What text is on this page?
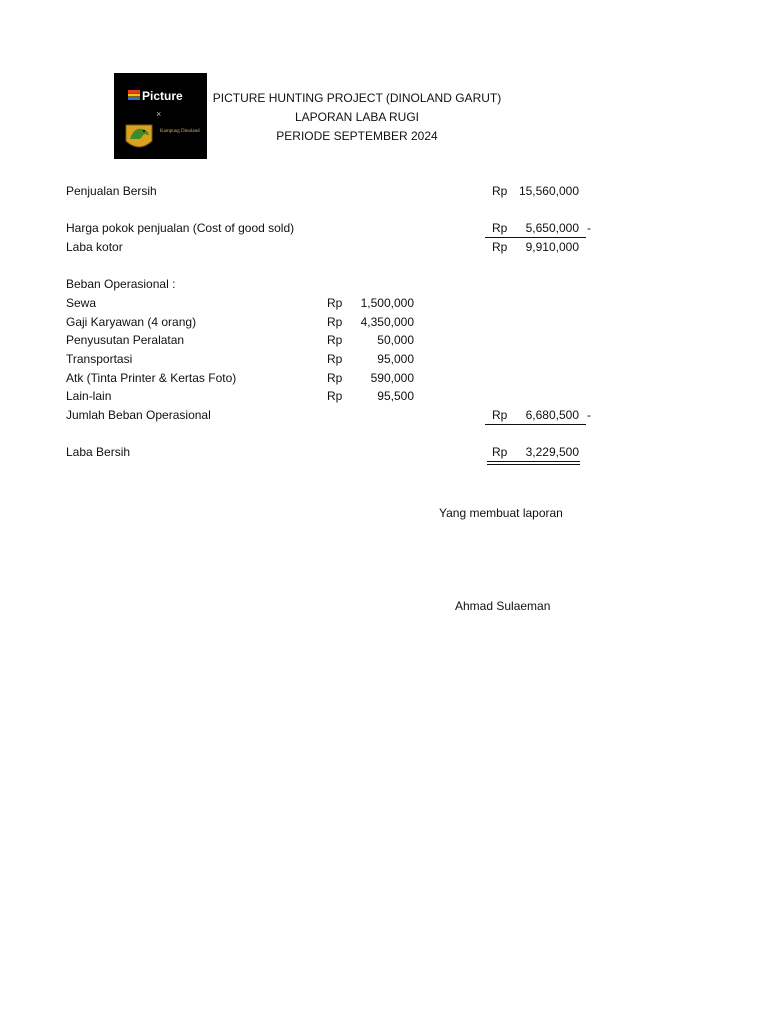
Picture
×
Kampung Dinoland
PICTURE HUNTING PROJECT (DINOLAND GARUT)
LAPORAN LABA RUGI
PERIODE SEPTEMBER 2024
Penjualan Bersih	Rp 15,560,000
Harga pokok penjualan (Cost of good sold)	Rp	5,650,000 -
Laba kotor	Rp	9,910,000
Beban Operasional :
Sewa	Rp	1,500,000
Gaji Karyawan (4 orang)	Rp	4,350,000
Penyusutan Peralatan	Rp	50,000
Transportasi	Rp	95,000
Atk (Tinta Printer & Kertas Foto)	Rp	590,000
Lain-lain	Rp	95,500
Jumlah Beban Operasional	Rp	6,680,500 -
Laba Bersih	Rp	3,229,500
Yang membuat laporan
Ahmad Sulaeman
